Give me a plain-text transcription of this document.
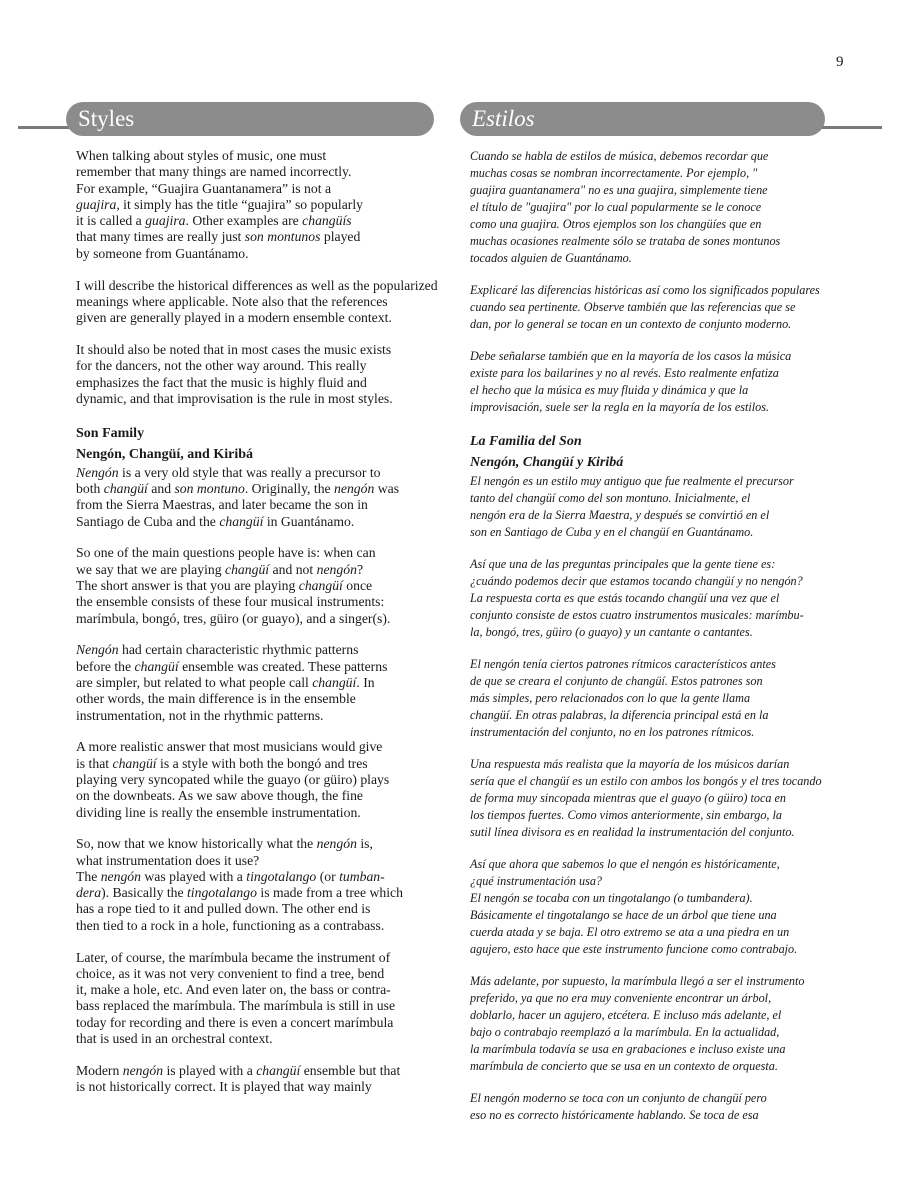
9
Styles	Estilos

When talking about styles of music, one must
remember that many things are named incorrectly.
For example, “Guajira Guantanamera” is not a
guajira, it simply has the title “guajira” so popularly
it is called a guajira. Other examples are changüís
that many times are really just son montunos played
by someone from Guantánamo.

I will describe the historical differences as well as the popularized
meanings where applicable. Note also that the references
given are generally played in a modern ensemble context.

It should also be noted that in most cases the music exists
for the dancers, not the other way around. This really
emphasizes the fact that the music is highly fluid and
dynamic, and that improvisation is the rule in most styles.

Son Family
Nengón, Changüí, and Kiribá

Nengón is a very old style that was really a precursor to
both changüí and son montuno. Originally, the nengón was
from the Sierra Maestras, and later became the son in
Santiago de Cuba and the changüí in Guantánamo.

So one of the main questions people have is: when can
we say that we are playing changüí and not nengón?
The short answer is that you are playing changüí once
the ensemble consists of these four musical instruments:
marímbula, bongó, tres, güiro (or guayo), and a singer(s).

Nengón had certain characteristic rhythmic patterns
before the changüí ensemble was created. These patterns
are simpler, but related to what people call changüí. In
other words, the main difference is in the ensemble
instrumentation, not in the rhythmic patterns.

A more realistic answer that most musicians would give
is that changüí is a style with both the bongó and tres
playing very syncopated while the guayo (or güiro) plays
on the downbeats. As we saw above though, the fine
dividing line is really the ensemble instrumentation.

So, now that we know historically what the nengón is,
what instrumentation does it use?
The nengón was played with a tingotalango (or tumban-
dera). Basically the tingotalango is made from a tree which
has a rope tied to it and pulled down. The other end is
then tied to a rock in a hole, functioning as a contrabass.

Later, of course, the marímbula became the instrument of
choice, as it was not very convenient to find a tree, bend
it, make a hole, etc. And even later on, the bass or contra-
bass replaced the marímbula. The marímbula is still in use
today for recording and there is even a concert marímbula
that is used in an orchestral context.

Modern nengón is played with a changüí ensemble but that
is not historically correct. It is played that way mainly

Cuando se habla de estilos de música, debemos recordar que
muchas cosas se nombran incorrectamente. Por ejemplo, "
guajira guantanamera" no es una guajira, simplemente tiene
el título de "guajira" por lo cual popularmente se le conoce
como una guajira. Otros ejemplos son los changüíes que en
muchas ocasiones realmente sólo se trataba de sones montunos
tocados alguien de Guantánamo.

Explicaré las diferencias históricas así como los significados populares
cuando sea pertinente. Observe también que las referencias que se
dan, por lo general se tocan en un contexto de conjunto moderno.

Debe señalarse también que en la mayoría de los casos la música
existe para los bailarines y no al revés. Esto realmente enfatiza
el hecho que la música es muy fluida y dinámica y que la
improvisación, suele ser la regla en la mayoría de los estilos.

La Familia del Son
Nengón, Changüí y Kiribá

El nengón es un estilo muy antiguo que fue realmente el precursor
tanto del changüí como del son montuno. Inicialmente, el
nengón era de la Sierra Maestra, y después se convirtió en el
son en Santiago de Cuba y en el changüí en Guantánamo.

Así que una de las preguntas principales que la gente tiene es:
¿cuándo podemos decir que estamos tocando changüí y no nengón?
La respuesta corta es que estás tocando changüí una vez que el
conjunto consiste de estos cuatro instrumentos musicales: marímbu-
la, bongó, tres, güiro (o guayo) y un cantante o cantantes.

El nengón tenía ciertos patrones rítmicos característicos antes
de que se creara el conjunto de changüí. Estos patrones son
más simples, pero relacionados con lo que la gente llama
changüí. En otras palabras, la diferencia principal está en la
instrumentación del conjunto, no en los patrones rítmicos.

Una respuesta más realista que la mayoría de los músicos darían
sería que el changüí es un estilo con ambos los bongós y el tres tocando
de forma muy sincopada mientras que el guayo (o güiro) toca en
los tiempos fuertes. Como vimos anteriormente, sin embargo, la
sutil línea divisora es en realidad la instrumentación del conjunto.

Así que ahora que sabemos lo que el nengón es históricamente,
¿qué instrumentación usa?
El nengón se tocaba con un tingotalango (o tumbandera).
Básicamente el tingotalango se hace de un árbol que tiene una
cuerda atada y se baja. El otro extremo se ata a una piedra en un
agujero, esto hace que este instrumento funcione como contrabajo.

Más adelante, por supuesto, la marímbula llegó a ser el instrumento
preferido, ya que no era muy conveniente encontrar un árbol,
doblarlo, hacer un agujero, etcétera. E incluso más adelante, el
bajo o contrabajo reemplazó a la marímbula. En la actualidad,
la marímbula todavía se usa en grabaciones e incluso existe una
marímbula de concierto que se usa en un contexto de orquesta.

El nengón moderno se toca con un conjunto de changüí pero
eso no es correcto históricamente hablando. Se toca de esa
